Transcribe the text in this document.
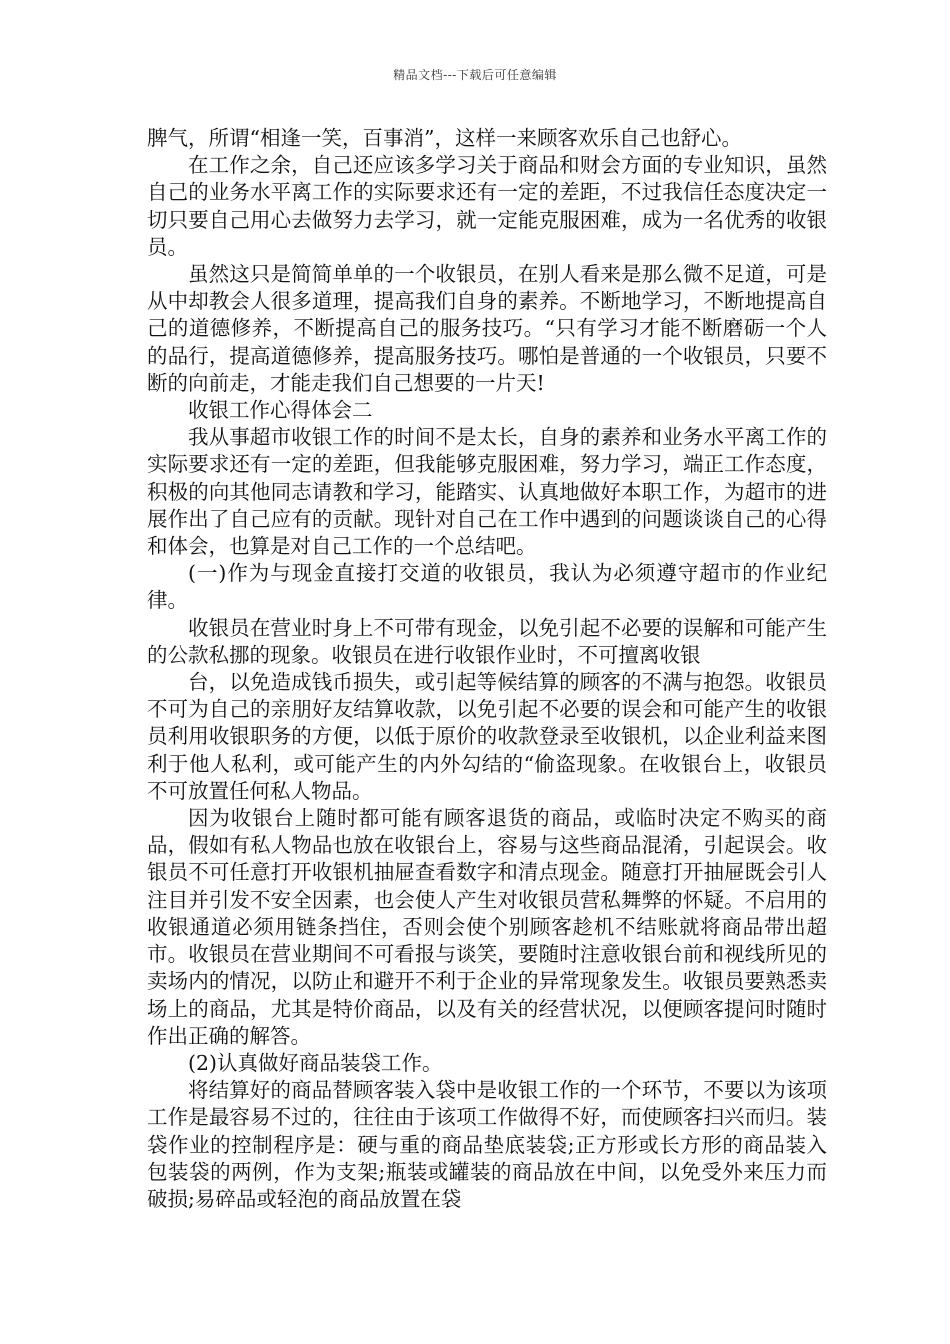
精品文档---下载后可任意编辑

脾气，所谓“相逢一笑，百事消”，这样一来顾客欢乐自己也舒心。

在工作之余，自己还应该多学习关于商品和财会方面的专业知识，虽然自己的业务水平离工作的实际要求还有一定的差距，不过我信任态度决定一切只要自己用心去做努力去学习，就一定能克服困难，成为一名优秀的收银员。

虽然这只是简简单单的一个收银员，在别人看来是那么微不足道，可是从中却教会人很多道理，提高我们自身的素养。不断地学习，不断地提高自己的道德修养，不断提高自己的服务技巧。“只有学习才能不断磨砺一个人的品行，提高道德修养，提高服务技巧。哪怕是普通的一个收银员，只要不断的向前走，才能走我们自己想要的一片天!

收银工作心得体会二

我从事超市收银工作的时间不是太长，自身的素养和业务水平离工作的实际要求还有一定的差距，但我能够克服困难，努力学习，端正工作态度，积极的向其他同志请教和学习，能踏实、认真地做好本职工作，为超市的进展作出了自己应有的贡献。现针对自己在工作中遇到的问题谈谈自己的心得和体会，也算是对自己工作的一个总结吧。

(一)作为与现金直接打交道的收银员，我认为必须遵守超市的作业纪律。

收银员在营业时身上不可带有现金，以免引起不必要的误解和可能产生的公款私挪的现象。收银员在进行收银作业时，不可擅离收银

台，以免造成钱币损失，或引起等候结算的顾客的不满与抱怨。收银员不可为自己的亲朋好友结算收款，以免引起不必要的误会和可能产生的收银员利用收银职务的方便，以低于原价的收款登录至收银机，以企业利益来图利于他人私利，或可能产生的内外勾结的“偷盗现象。在收银台上，收银员不可放置任何私人物品。

因为收银台上随时都可能有顾客退货的商品，或临时决定不购买的商品，假如有私人物品也放在收银台上，容易与这些商品混淆，引起误会。收银员不可任意打开收银机抽屉查看数字和清点现金。随意打开抽屉既会引人注目并引发不安全因素，也会使人产生对收银员营私舞弊的怀疑。不启用的收银通道必须用链条挡住，否则会使个别顾客趁机不结账就将商品带出超市。收银员在营业期间不可看报与谈笑，要随时注意收银台前和视线所见的卖场内的情况，以防止和避开不利于企业的异常现象发生。收银员要熟悉卖场上的商品，尤其是特价商品，以及有关的经营状况，以便顾客提问时随时作出正确的解答。

(2)认真做好商品装袋工作。

将结算好的商品替顾客装入袋中是收银工作的一个环节，不要以为该项工作是最容易不过的，往往由于该项工作做得不好，而使顾客扫兴而归。装袋作业的控制程序是：硬与重的商品垫底装袋;正方形或长方形的商品装入包装袋的两例，作为支架;瓶装或罐装的商品放在中间，以免受外来压力而破损;易碎品或轻泡的商品放置在袋
